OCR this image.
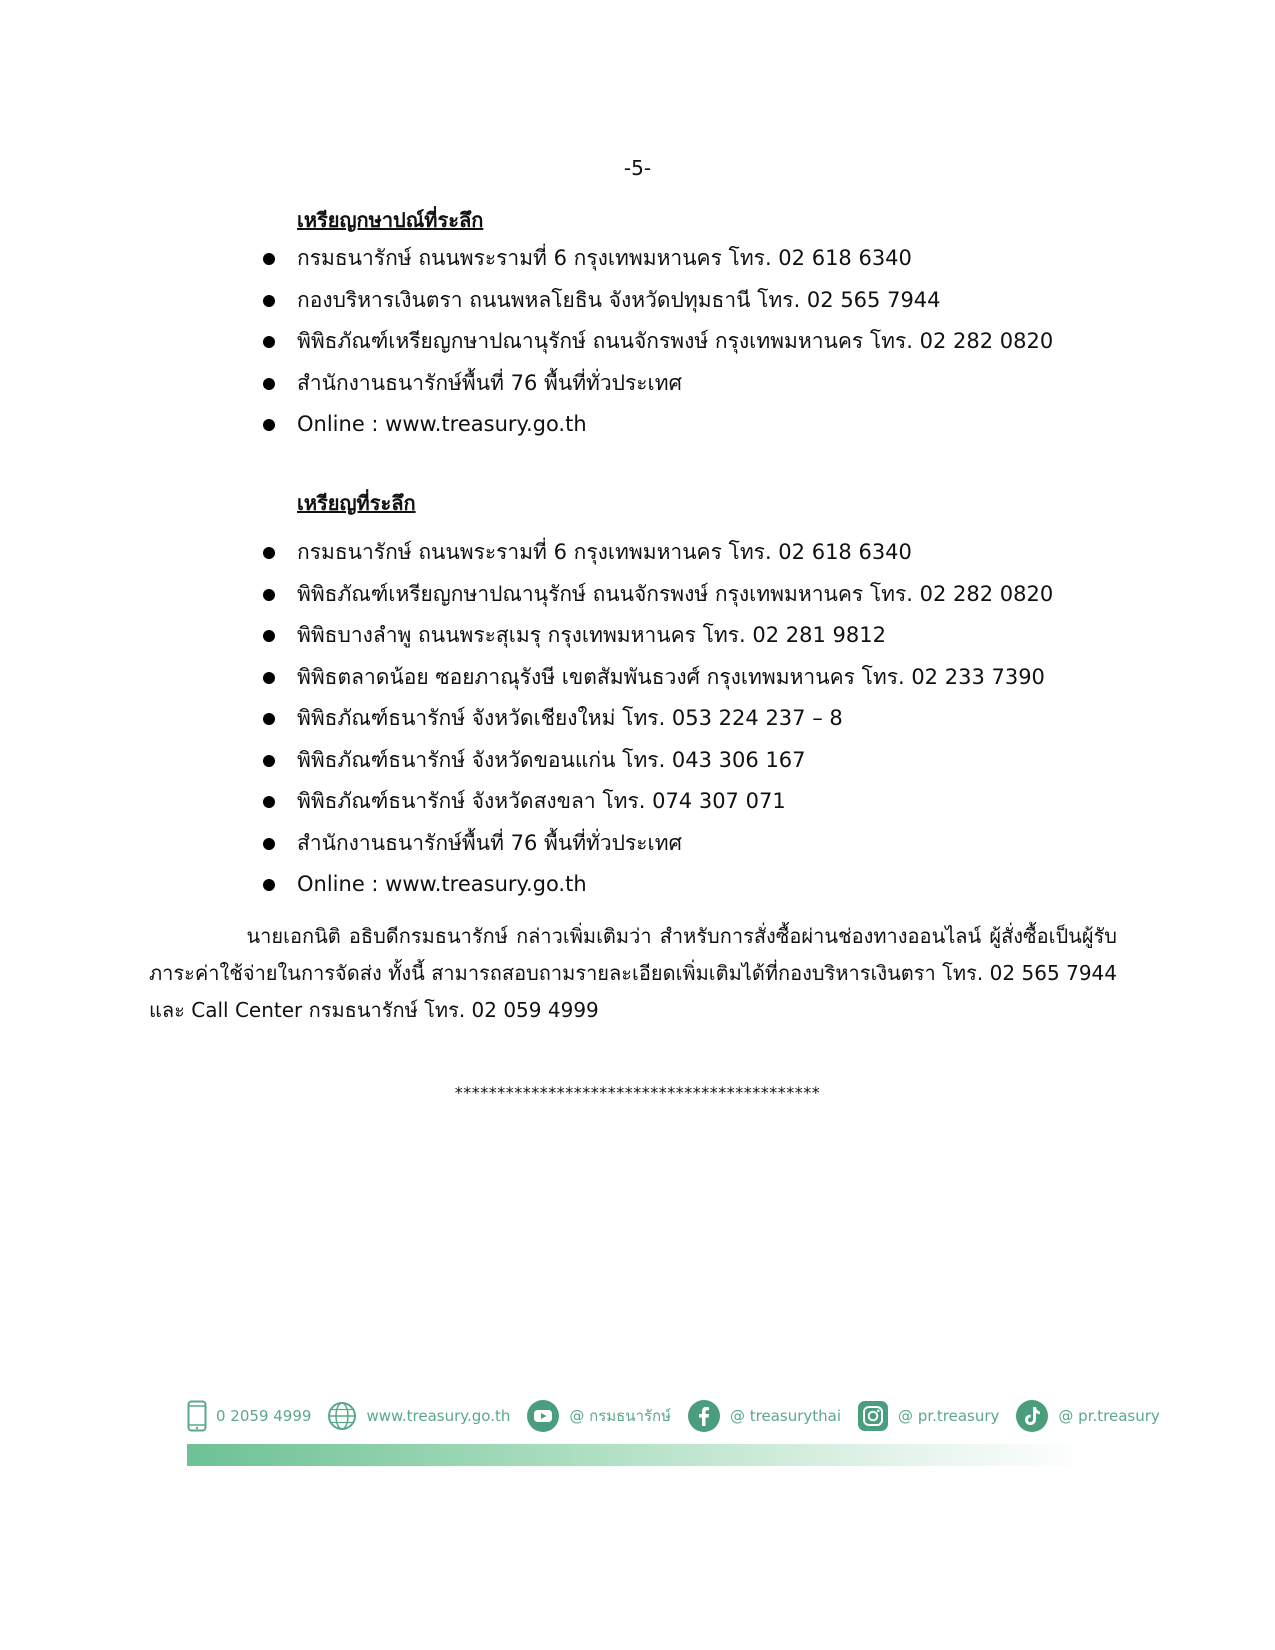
-5-
เหรียญกษาปณ์ที่ระลึก
กรมธนารักษ์ ถนนพระรามที่ 6 กรุงเทพมหานคร โทร. 02 618 6340
กองบริหารเงินตรา ถนนพหลโยธิน จังหวัดปทุมธานี โทร. 02 565 7944
พิพิธภัณฑ์เหรียญกษาปณานุรักษ์ ถนนจักรพงษ์ กรุงเทพมหานคร โทร. 02 282 0820
สำนักงานธนารักษ์พื้นที่ 76 พื้นที่ทั่วประเทศ
Online : www.treasury.go.th
เหรียญที่ระลึก
กรมธนารักษ์ ถนนพระรามที่ 6 กรุงเทพมหานคร โทร. 02 618 6340
พิพิธภัณฑ์เหรียญกษาปณานุรักษ์ ถนนจักรพงษ์ กรุงเทพมหานคร โทร. 02 282 0820
พิพิธบางลำพู ถนนพระสุเมรุ กรุงเทพมหานคร โทร. 02 281 9812
พิพิธตลาดน้อย ซอยภาณุรังษี เขตสัมพันธวงศ์ กรุงเทพมหานคร โทร. 02 233 7390
พิพิธภัณฑ์ธนารักษ์ จังหวัดเชียงใหม่ โทร. 053 224 237 – 8
พิพิธภัณฑ์ธนารักษ์ จังหวัดขอนแก่น โทร. 043 306 167
พิพิธภัณฑ์ธนารักษ์ จังหวัดสงขลา โทร. 074 307 071
สำนักงานธนารักษ์พื้นที่ 76 พื้นที่ทั่วประเทศ
Online : www.treasury.go.th

นายเอกนิติ อธิบดีกรมธนารักษ์ กล่าวเพิ่มเติมว่า สำหรับการสั่งซื้อผ่านช่องทางออนไลน์ ผู้สั่งซื้อเป็นผู้รับภาระค่าใช้จ่ายในการจัดส่ง ทั้งนี้ สามารถสอบถามรายละเอียดเพิ่มเติมได้ที่กองบริหารเงินตรา โทร. 02 565 7944 และ Call Center กรมธนารักษ์ โทร. 02 059 4999

*******************************************
0 2059 4999	www.treasury.go.th	@ กรมธนารักษ์	@ treasurythai	@ pr.treasury	@ pr.treasury
